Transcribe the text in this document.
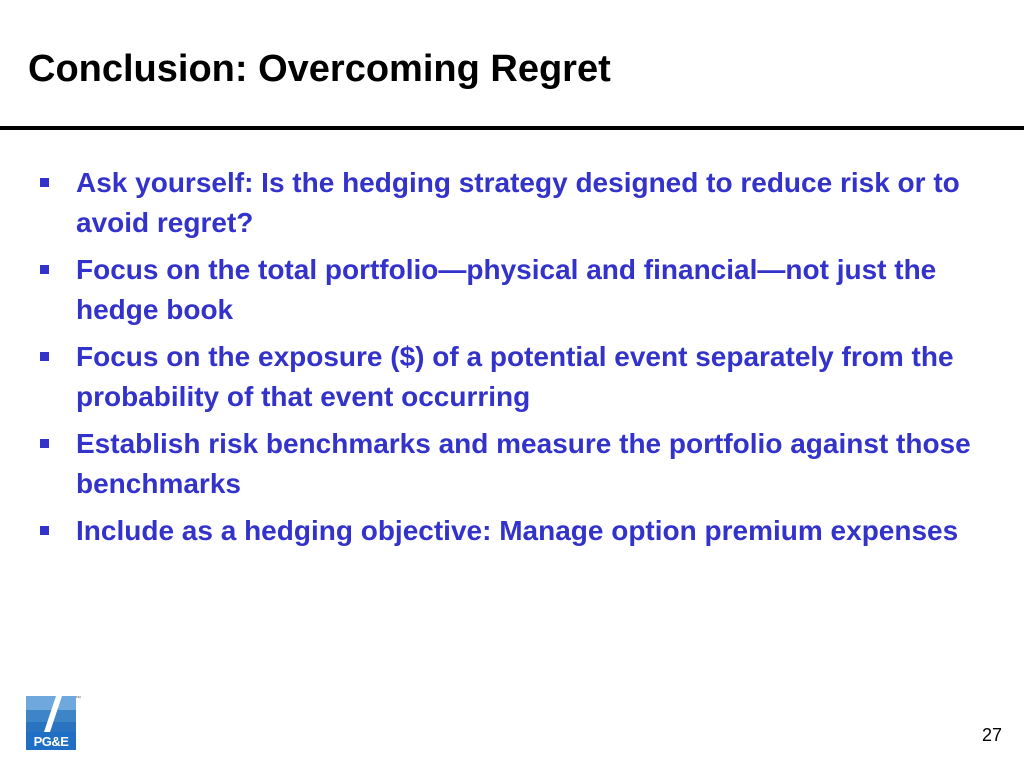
Conclusion: Overcoming Regret
Ask yourself: Is the hedging strategy designed to reduce risk or to avoid regret?
Focus on the total portfolio—physical and financial—not just the hedge book
Focus on the exposure ($) of a potential event separately from the probability of that event occurring
Establish risk benchmarks and measure the portfolio against those benchmarks
Include as a hedging objective: Manage option premium expenses
PG&E
™
27
